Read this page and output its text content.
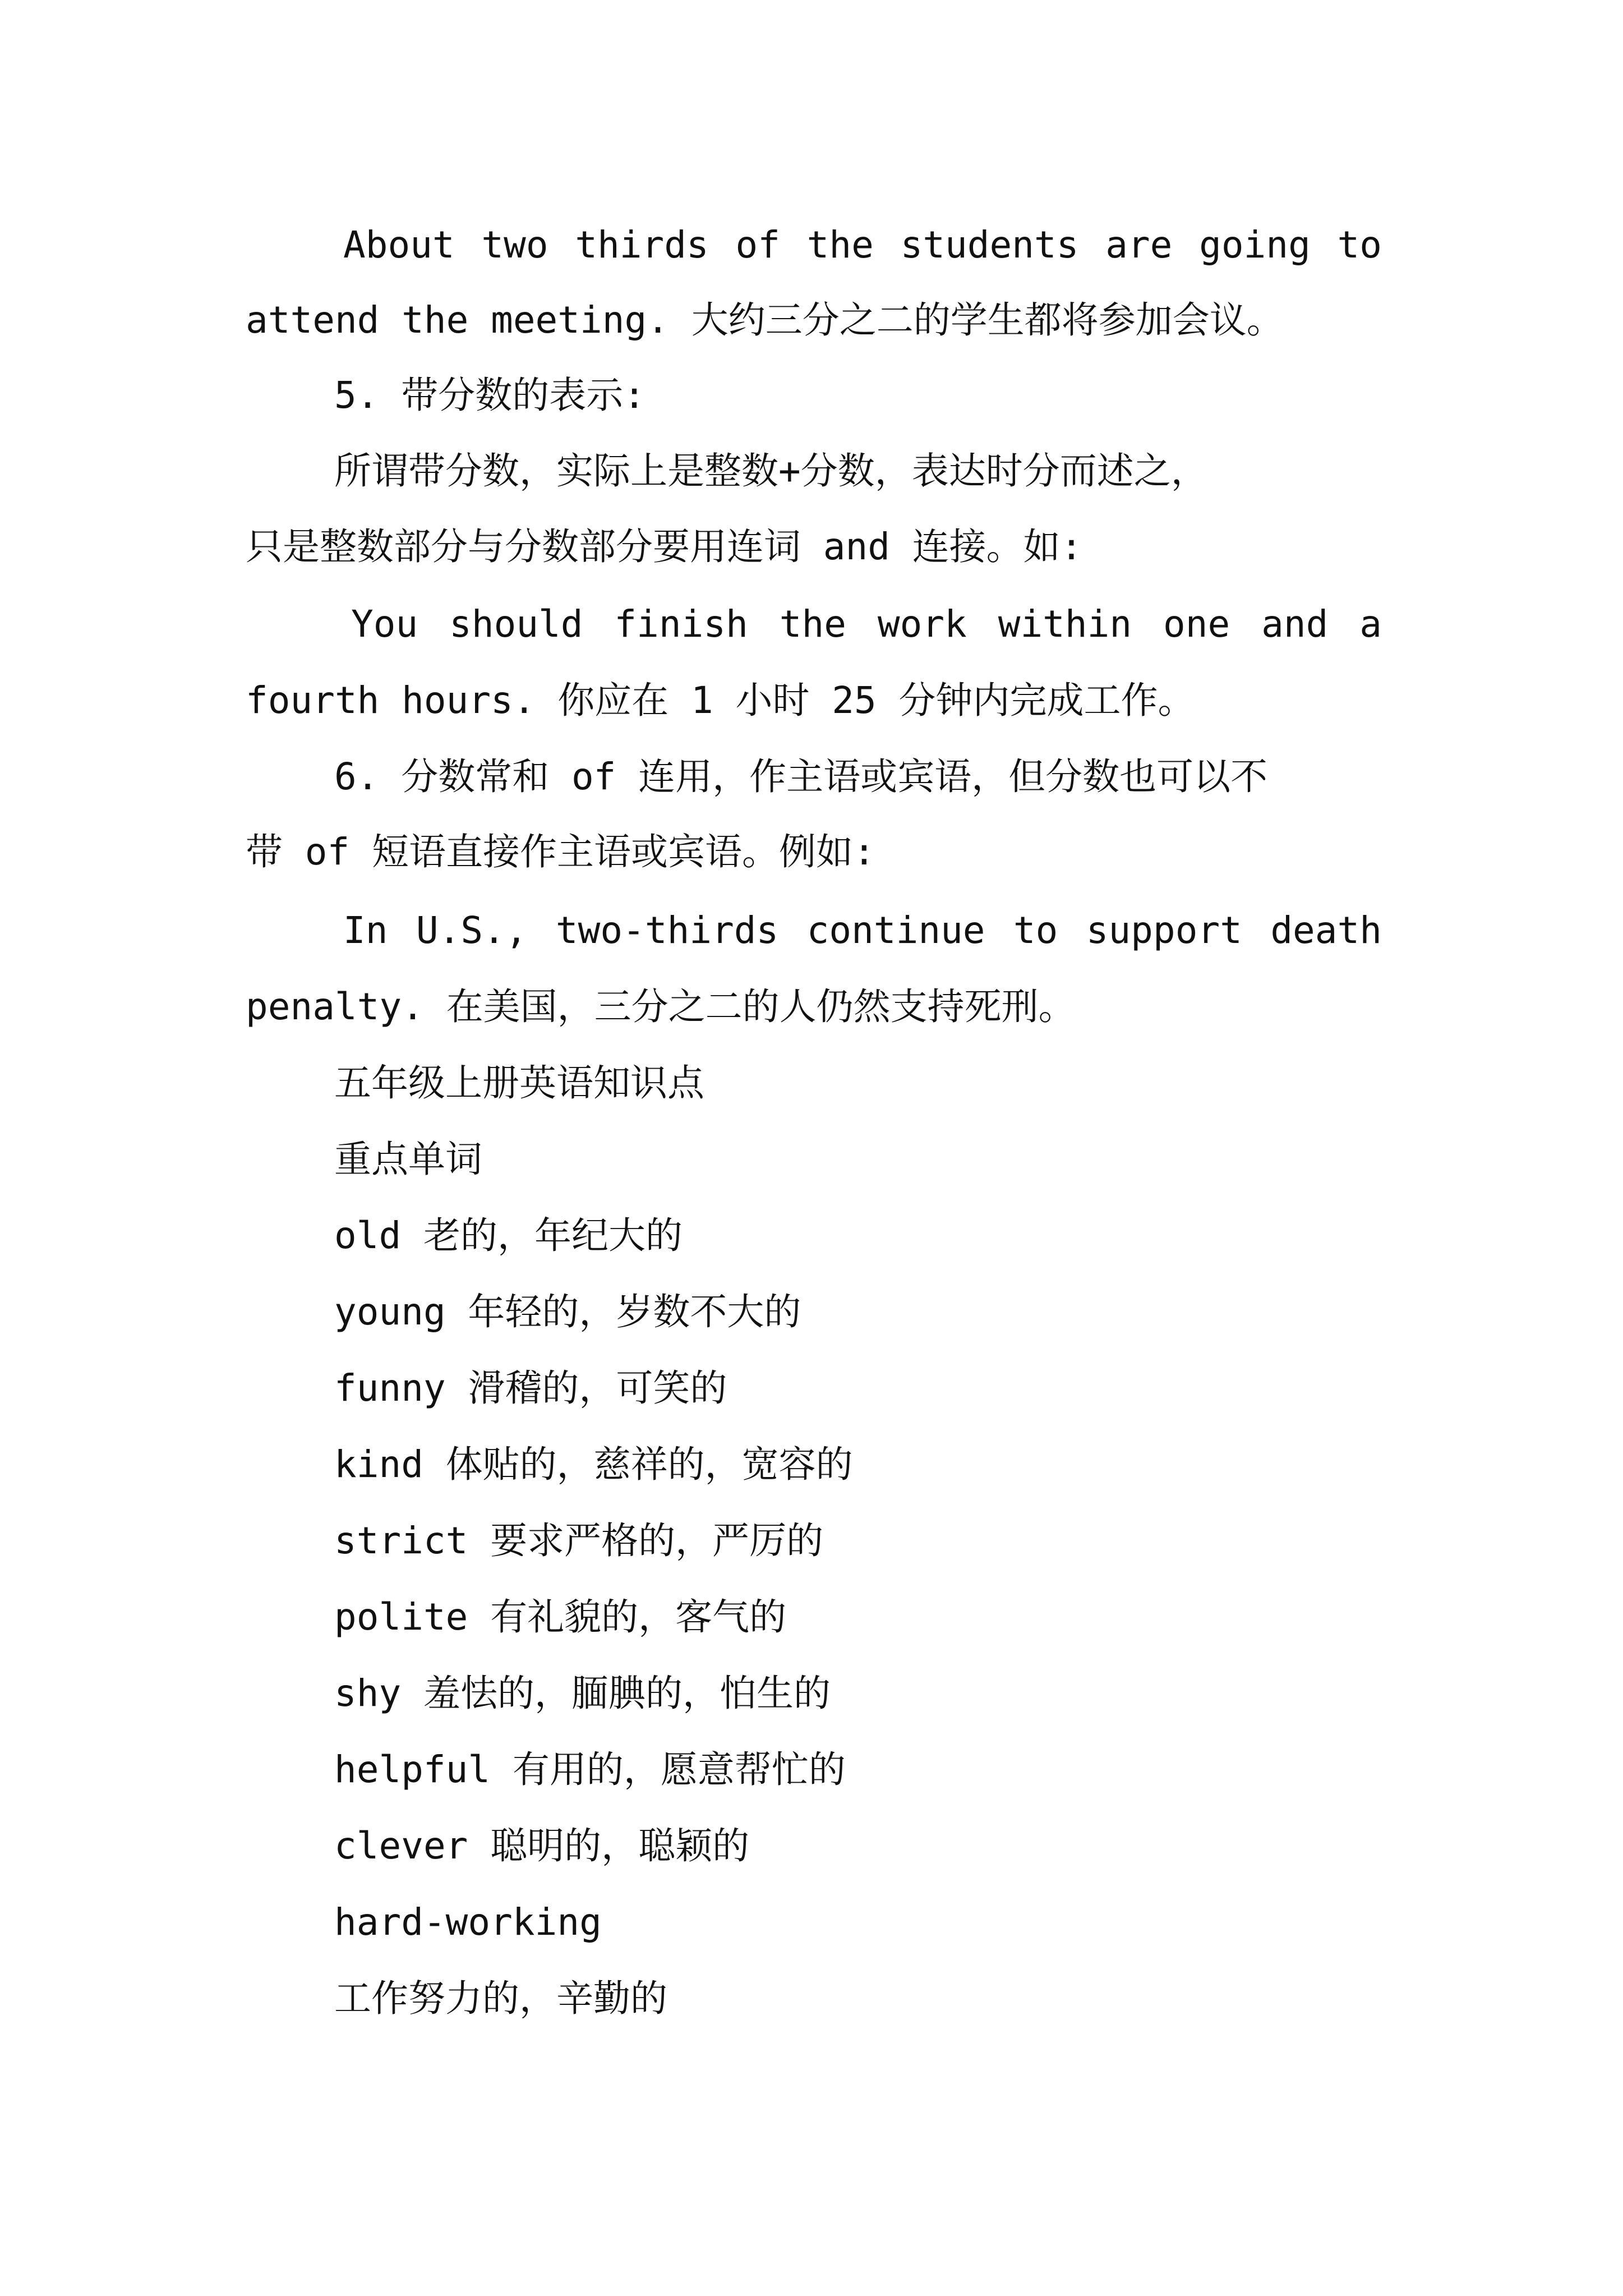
About two thirds of the students are going to
attend the meeting. 大约三分之二的学生都将参加会议。
5. 带分数的表示:
所谓带分数，实际上是整数+分数，表达时分而述之，
只是整数部分与分数部分要用连词 and 连接。如:
You should finish the work within one and a
fourth hours. 你应在 1 小时 25 分钟内完成工作。
6. 分数常和 of 连用，作主语或宾语，但分数也可以不
带 of 短语直接作主语或宾语。例如:
In U.S., two-thirds continue to support death
penalty. 在美国，三分之二的人仍然支持死刑。
五年级上册英语知识点
重点单词
old 老的，年纪大的
young 年轻的，岁数不大的
funny 滑稽的，可笑的
kind 体贴的，慈祥的，宽容的
strict 要求严格的，严厉的
polite 有礼貌的，客气的
shy 羞怯的，腼腆的，怕生的
helpful 有用的，愿意帮忙的
clever 聪明的，聪颖的
hard-working
工作努力的，辛勤的
